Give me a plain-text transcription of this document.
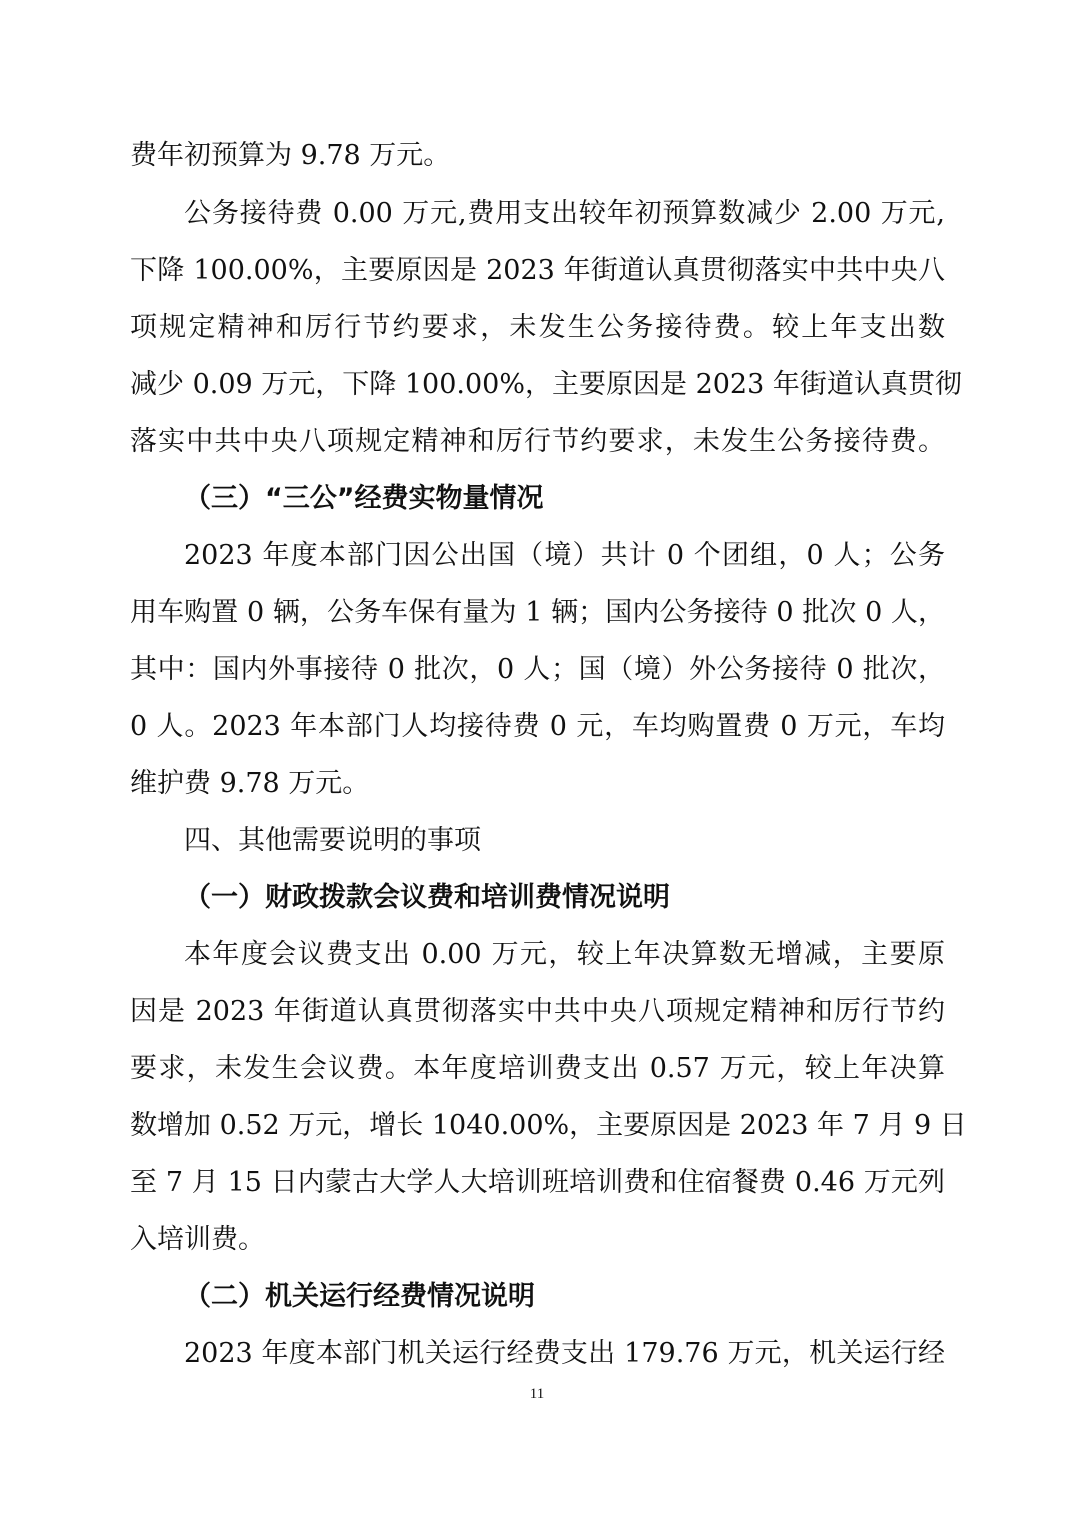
费年初预算为 9.78 万元。
公务接待费 0.00 万元,费用支出较年初预算数减少 2.00 万元,
下降 100.00%，主要原因是 2023 年街道认真贯彻落实中共中央八
项规定精神和厉行节约要求，未发生公务接待费。较上年支出数
减少 0.09 万元，下降 100.00%，主要原因是 2023 年街道认真贯彻
落实中共中央八项规定精神和厉行节约要求，未发生公务接待费。
（三）“三公”经费实物量情况
2023 年度本部门因公出国（境）共计 0 个团组，0 人；公务
用车购置 0 辆，公务车保有量为 1 辆；国内公务接待 0 批次 0 人，
其中：国内外事接待 0 批次，0 人；国（境）外公务接待 0 批次，
0 人。2023 年本部门人均接待费 0 元，车均购置费 0 万元，车均
维护费 9.78 万元。
四、其他需要说明的事项
（一）财政拨款会议费和培训费情况说明
本年度会议费支出 0.00 万元，较上年决算数无增减，主要原
因是 2023 年街道认真贯彻落实中共中央八项规定精神和厉行节约
要求，未发生会议费。本年度培训费支出 0.57 万元，较上年决算
数增加 0.52 万元，增长 1040.00%，主要原因是 2023 年 7 月 9 日
至 7 月 15 日内蒙古大学人大培训班培训费和住宿餐费 0.46 万元列
入培训费。
（二）机关运行经费情况说明
2023 年度本部门机关运行经费支出 179.76 万元，机关运行经
11
